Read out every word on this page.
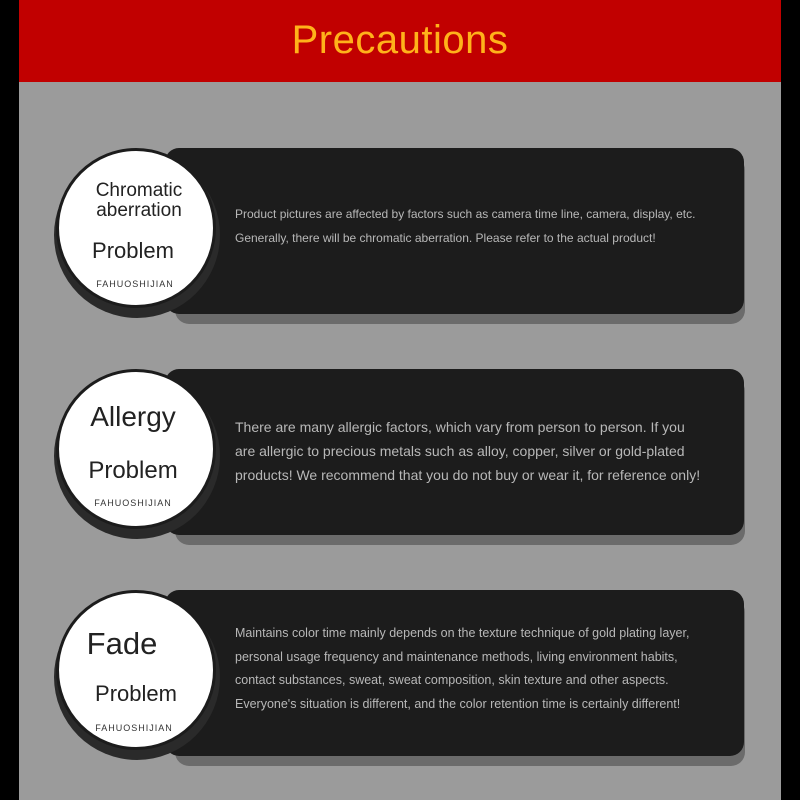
Precautions
Chromatic
aberration
Problem
FAHUOSHIJIAN
Product pictures are affected by factors such as camera time line, camera, display, etc.
Generally, there will be chromatic aberration. Please refer to the actual product!
Allergy
Problem
FAHUOSHIJIAN
There are many allergic factors, which vary from person to person. If you
are allergic to precious metals such as alloy, copper, silver or gold-plated
products! We recommend that you do not buy or wear it, for reference only!
Fade
Problem
FAHUOSHIJIAN
Maintains color time mainly depends on the texture technique of gold plating layer,
personal usage frequency and maintenance methods, living environment habits,
contact substances, sweat, sweat composition, skin texture and other aspects.
Everyone's situation is different, and the color retention time is certainly different!
